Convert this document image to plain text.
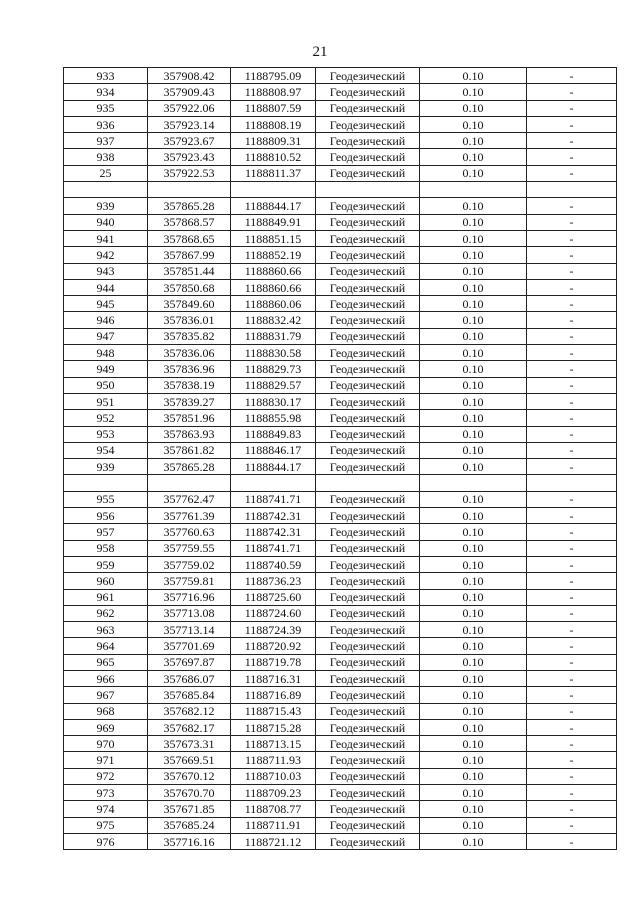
21
933	357908.42	1188795.09	Геодезический	0.10	-
934	357909.43	1188808.97	Геодезический	0.10	-
935	357922.06	1188807.59	Геодезический	0.10	-
936	357923.14	1188808.19	Геодезический	0.10	-
937	357923.67	1188809.31	Геодезический	0.10	-
938	357923.43	1188810.52	Геодезический	0.10	-
25	357922.53	1188811.37	Геодезический	0.10	-

939	357865.28	1188844.17	Геодезический	0.10	-
940	357868.57	1188849.91	Геодезический	0.10	-
941	357868.65	1188851.15	Геодезический	0.10	-
942	357867.99	1188852.19	Геодезический	0.10	-
943	357851.44	1188860.66	Геодезический	0.10	-
944	357850.68	1188860.66	Геодезический	0.10	-
945	357849.60	1188860.06	Геодезический	0.10	-
946	357836.01	1188832.42	Геодезический	0.10	-
947	357835.82	1188831.79	Геодезический	0.10	-
948	357836.06	1188830.58	Геодезический	0.10	-
949	357836.96	1188829.73	Геодезический	0.10	-
950	357838.19	1188829.57	Геодезический	0.10	-
951	357839.27	1188830.17	Геодезический	0.10	-
952	357851.96	1188855.98	Геодезический	0.10	-
953	357863.93	1188849.83	Геодезический	0.10	-
954	357861.82	1188846.17	Геодезический	0.10	-
939	357865.28	1188844.17	Геодезический	0.10	-

955	357762.47	1188741.71	Геодезический	0.10	-
956	357761.39	1188742.31	Геодезический	0.10	-
957	357760.63	1188742.31	Геодезический	0.10	-
958	357759.55	1188741.71	Геодезический	0.10	-
959	357759.02	1188740.59	Геодезический	0.10	-
960	357759.81	1188736.23	Геодезический	0.10	-
961	357716.96	1188725.60	Геодезический	0.10	-
962	357713.08	1188724.60	Геодезический	0.10	-
963	357713.14	1188724.39	Геодезический	0.10	-
964	357701.69	1188720.92	Геодезический	0.10	-
965	357697.87	1188719.78	Геодезический	0.10	-
966	357686.07	1188716.31	Геодезический	0.10	-
967	357685.84	1188716.89	Геодезический	0.10	-
968	357682.12	1188715.43	Геодезический	0.10	-
969	357682.17	1188715.28	Геодезический	0.10	-
970	357673.31	1188713.15	Геодезический	0.10	-
971	357669.51	1188711.93	Геодезический	0.10	-
972	357670.12	1188710.03	Геодезический	0.10	-
973	357670.70	1188709.23	Геодезический	0.10	-
974	357671.85	1188708.77	Геодезический	0.10	-
975	357685.24	1188711.91	Геодезический	0.10	-
976	357716.16	1188721.12	Геодезический	0.10	-
